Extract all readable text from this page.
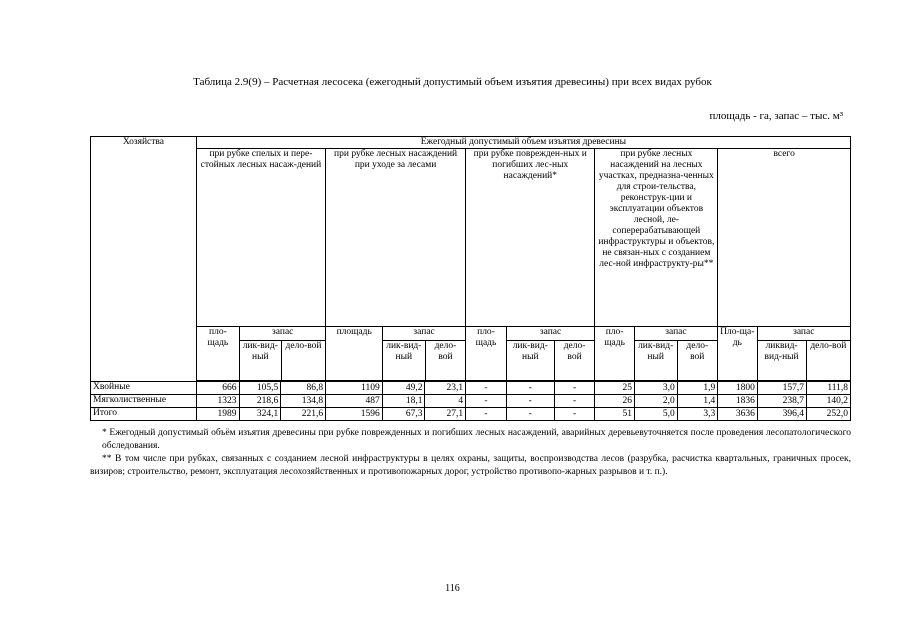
Таблица 2.9(9) – Расчетная лесосека (ежегодный допустимый объем изъятия древесины) при всех видах рубок
площадь - га, запас – тыс. м³
Хозяйства	Ежегодный допустимый объем изъятия древесины
при рубке спелых и пере-стойных лесных насаж-дений	при рубке лесных насаждений при уходе за лесами	при рубке поврежден-ных и погибших лес-ных насаждений*	при рубке лесных насаждений на лесных участках, предназна-ченных для строи-тельства, реконструк-ции и эксплуатации объектов лесной, ле-соперерабатывающей инфраструктуры и объектов, не связан-ных с созданием лес-ной инфраструкту-ры**	всего

пло-щадь	запас	площадь	запас	пло-щадь	запас	пло-щадь	запас	Пло-ща-дь	запас
лик-вид-ный	дело-вой	лик-вид-ный	дело-вой	лик-вид-ный	дело-вой	лик-вид-ный	дело-вой	ликвид-вид-ный	дело-вой

Хвойные	666	105,5	86,8	1109	49,2	23,1	-	-	-	25	3,0	1,9	1800	157,7	111,8
Мягколиственные	1323	218,6	134,8	487	18,1	4	-	-	-	26	2,0	1,4	1836	238,7	140,2
Итого	1989	324,1	221,6	1596	67,3	27,1	-	-	-	51	5,0	3,3	3636	396,4	252,0

* Ежегодный допустимый объём изъятия древесины при рубке поврежденных и погибших лесных насаждений, аварийных деревьевуточняется после проведения лесопатологического обследования.

** В том числе при рубках, связанных с созданием лесной инфраструктуры в целях охраны, защиты, воспроизводства лесов (разрубка, расчистка квартальных, граничных просек, визиров; строительство, ремонт, эксплуатация лесохозяйственных и противопожарных дорог, устройство противопо-жарных разрывов и т. п.).

116
